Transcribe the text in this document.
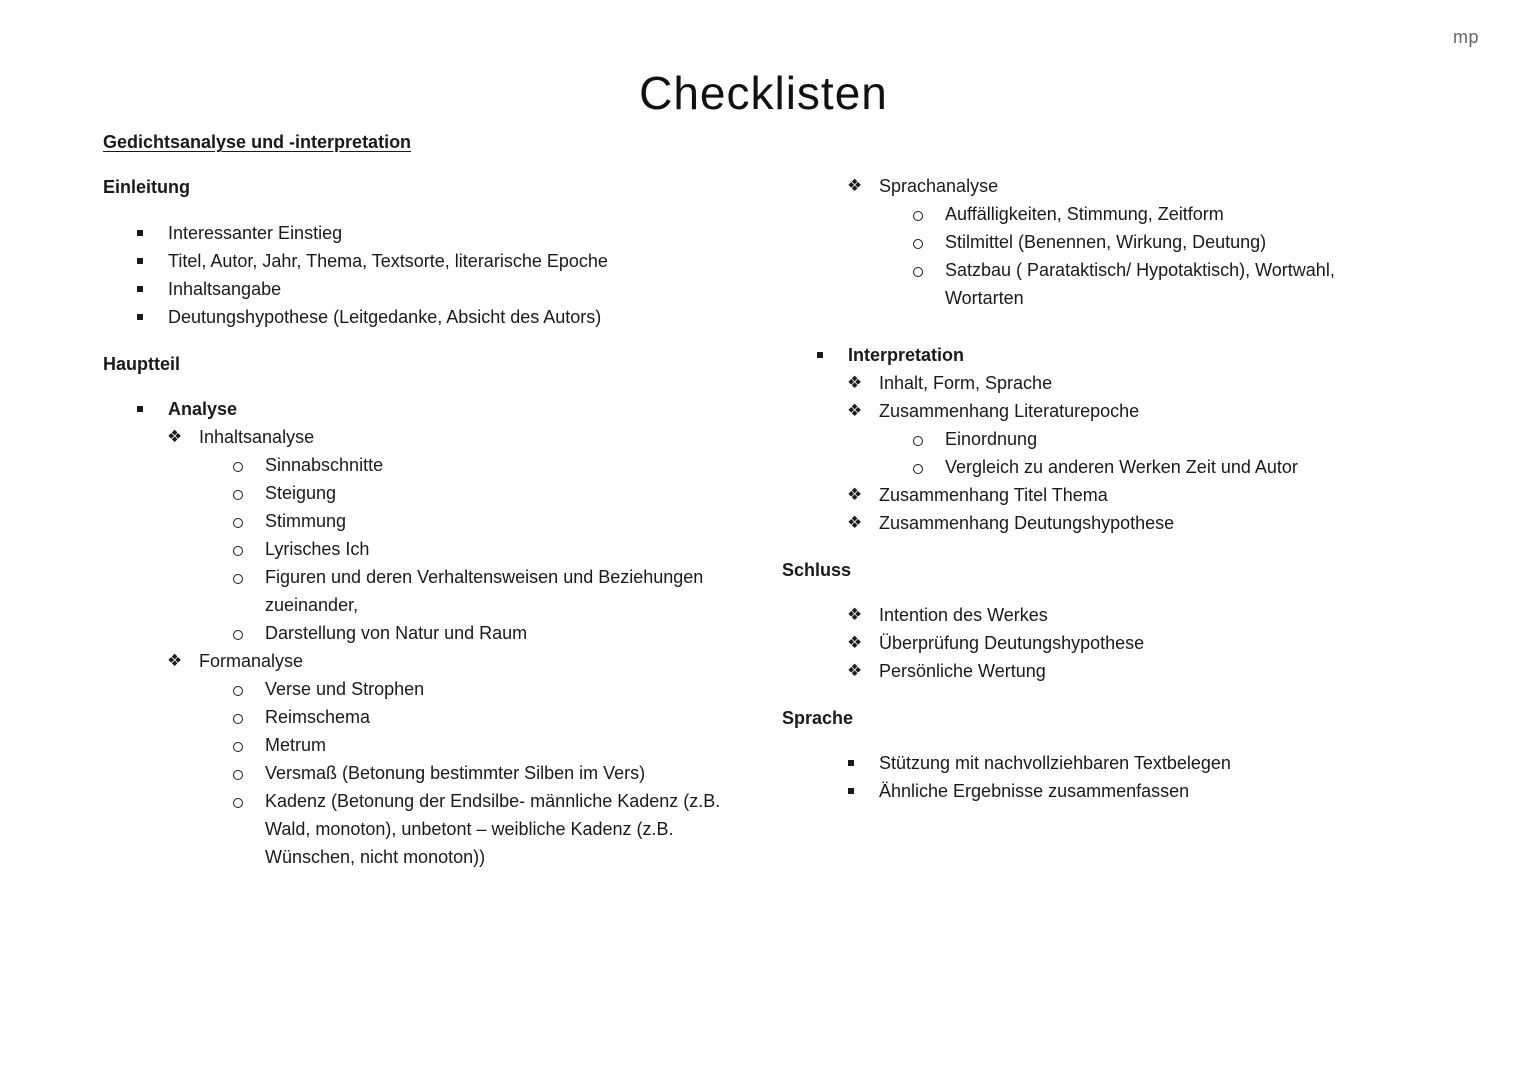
mp
Checklisten
Gedichtsanalyse und -interpretation
Einleitung
Interessanter Einstieg
Titel, Autor, Jahr, Thema, Textsorte, literarische Epoche
Inhaltsangabe
Deutungshypothese (Leitgedanke, Absicht des Autors)
Hauptteil
Analyse
❖ Inhaltsanalyse
Sinnabschnitte
Steigung
Stimmung
Lyrisches Ich
Figuren und deren Verhaltensweisen und Beziehungen
zueinander,
Darstellung von Natur und Raum
❖ Formanalyse
Verse und Strophen
Reimschema
Metrum
Versmaß (Betonung bestimmter Silben im Vers)
Kadenz (Betonung der Endsilbe- männliche Kadenz (z.B.
Wald, monoton), unbetont – weibliche Kadenz (z.B.
Wünschen, nicht monoton))
❖ Sprachanalyse
Auffälligkeiten, Stimmung, Zeitform
Stilmittel (Benennen, Wirkung, Deutung)
Satzbau ( Parataktisch/ Hypotaktisch), Wortwahl,
Wortarten
Interpretation
❖ Inhalt, Form, Sprache
❖ Zusammenhang Literaturepoche
Einordnung
Vergleich zu anderen Werken Zeit und Autor
❖ Zusammenhang Titel Thema
❖ Zusammenhang Deutungshypothese
Schluss
❖ Intention des Werkes
❖ Überprüfung Deutungshypothese
❖ Persönliche Wertung
Sprache
Stützung mit nachvollziehbaren Textbelegen
Ähnliche Ergebnisse zusammenfassen
